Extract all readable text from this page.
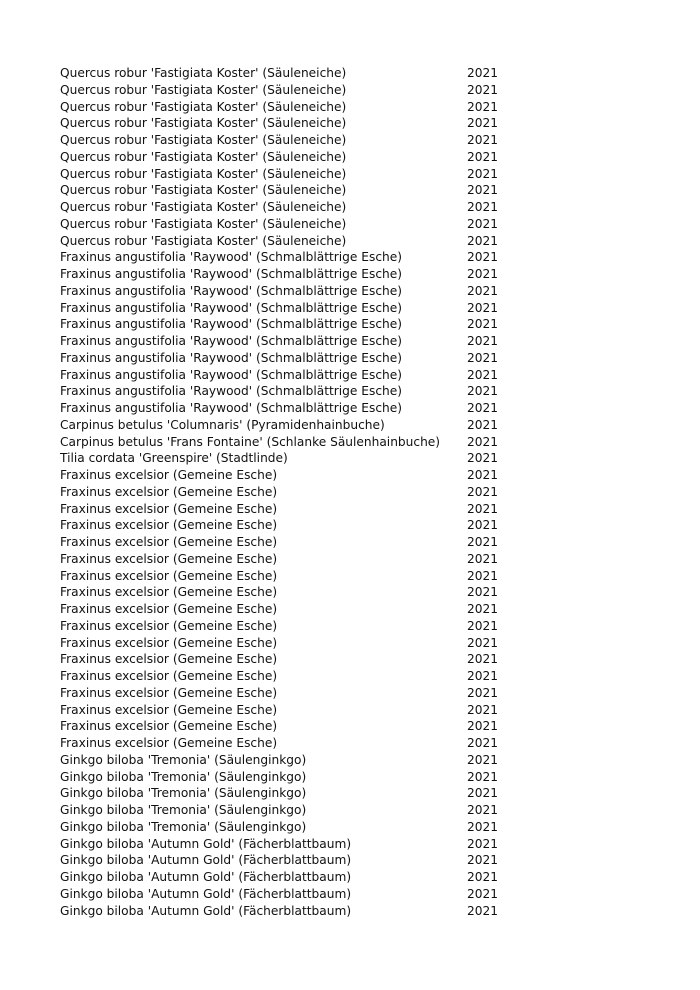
Quercus robur 'Fastigiata Koster' (Säuleneiche)	2021
Quercus robur 'Fastigiata Koster' (Säuleneiche)	2021
Quercus robur 'Fastigiata Koster' (Säuleneiche)	2021
Quercus robur 'Fastigiata Koster' (Säuleneiche)	2021
Quercus robur 'Fastigiata Koster' (Säuleneiche)	2021
Quercus robur 'Fastigiata Koster' (Säuleneiche)	2021
Quercus robur 'Fastigiata Koster' (Säuleneiche)	2021
Quercus robur 'Fastigiata Koster' (Säuleneiche)	2021
Quercus robur 'Fastigiata Koster' (Säuleneiche)	2021
Quercus robur 'Fastigiata Koster' (Säuleneiche)	2021
Quercus robur 'Fastigiata Koster' (Säuleneiche)	2021
Fraxinus angustifolia 'Raywood' (Schmalblättrige Esche)	2021
Fraxinus angustifolia 'Raywood' (Schmalblättrige Esche)	2021
Fraxinus angustifolia 'Raywood' (Schmalblättrige Esche)	2021
Fraxinus angustifolia 'Raywood' (Schmalblättrige Esche)	2021
Fraxinus angustifolia 'Raywood' (Schmalblättrige Esche)	2021
Fraxinus angustifolia 'Raywood' (Schmalblättrige Esche)	2021
Fraxinus angustifolia 'Raywood' (Schmalblättrige Esche)	2021
Fraxinus angustifolia 'Raywood' (Schmalblättrige Esche)	2021
Fraxinus angustifolia 'Raywood' (Schmalblättrige Esche)	2021
Fraxinus angustifolia 'Raywood' (Schmalblättrige Esche)	2021
Carpinus betulus 'Columnaris' (Pyramidenhainbuche)	2021
Carpinus betulus 'Frans Fontaine' (Schlanke Säulenhainbuche) 2021
Tilia cordata 'Greenspire' (Stadtlinde)	2021
Fraxinus excelsior (Gemeine Esche)	2021
Fraxinus excelsior (Gemeine Esche)	2021
Fraxinus excelsior (Gemeine Esche)	2021
Fraxinus excelsior (Gemeine Esche)	2021
Fraxinus excelsior (Gemeine Esche)	2021
Fraxinus excelsior (Gemeine Esche)	2021
Fraxinus excelsior (Gemeine Esche)	2021
Fraxinus excelsior (Gemeine Esche)	2021
Fraxinus excelsior (Gemeine Esche)	2021
Fraxinus excelsior (Gemeine Esche)	2021
Fraxinus excelsior (Gemeine Esche)	2021
Fraxinus excelsior (Gemeine Esche)	2021
Fraxinus excelsior (Gemeine Esche)	2021
Fraxinus excelsior (Gemeine Esche)	2021
Fraxinus excelsior (Gemeine Esche)	2021
Fraxinus excelsior (Gemeine Esche)	2021
Fraxinus excelsior (Gemeine Esche)	2021
Ginkgo biloba 'Tremonia' (Säulenginkgo)	2021
Ginkgo biloba 'Tremonia' (Säulenginkgo)	2021
Ginkgo biloba 'Tremonia' (Säulenginkgo)	2021
Ginkgo biloba 'Tremonia' (Säulenginkgo)	2021
Ginkgo biloba 'Tremonia' (Säulenginkgo)	2021
Ginkgo biloba 'Autumn Gold' (Fächerblattbaum)	2021
Ginkgo biloba 'Autumn Gold' (Fächerblattbaum)	2021
Ginkgo biloba 'Autumn Gold' (Fächerblattbaum)	2021
Ginkgo biloba 'Autumn Gold' (Fächerblattbaum)	2021
Ginkgo biloba 'Autumn Gold' (Fächerblattbaum)	2021
